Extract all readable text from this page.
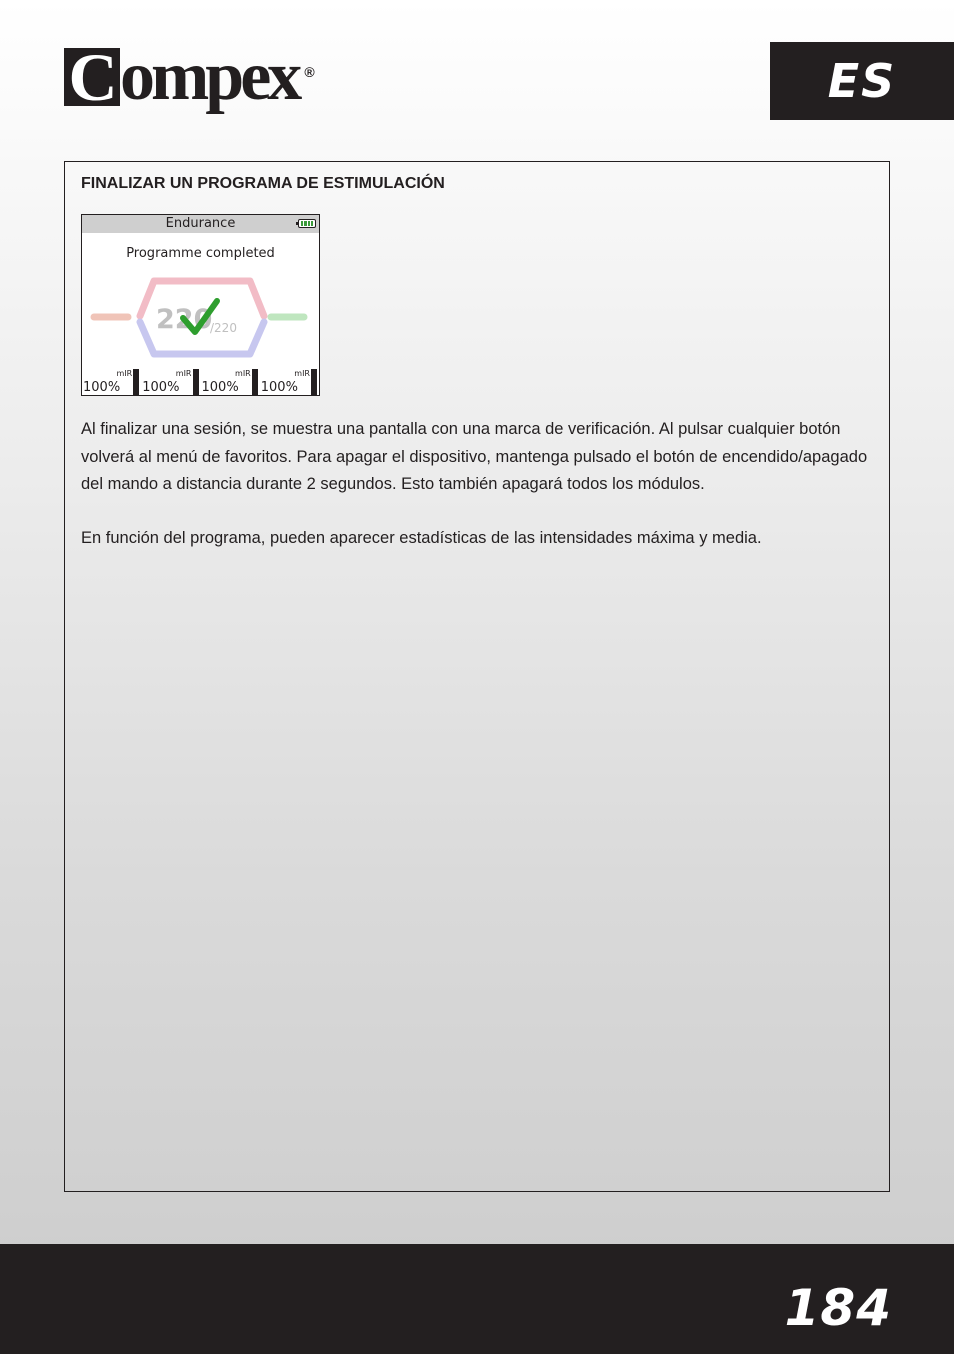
C ompex ®	ES
FINALIZAR UN PROGRAMA DE ESTIMULACIÓN
Endurance
Programme completed
220
/220
mIR
100%
mIR
100%
mIR
100%
mIR
100%

Al finalizar una sesión, se muestra una pantalla con una marca de verificación. Al pulsar cualquier botón volverá al menú de favoritos. Para apagar el dispositivo, mantenga pulsado el botón de encendido/apagado del mando a distancia durante 2 segundos. Esto también apagará todos los módulos.

En función del programa, pueden aparecer estadísticas de las intensidades máxima y media.

184
